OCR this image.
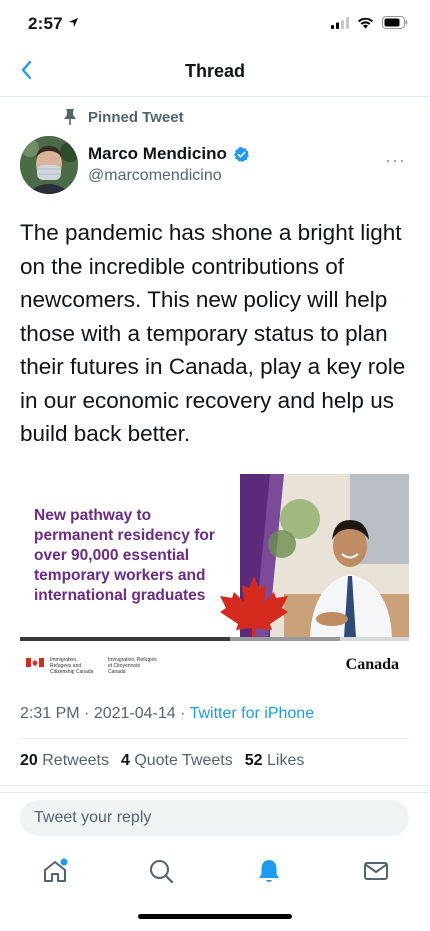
2:57
Thread
Pinned Tweet
Marco Mendicino
@marcomendicino
···
The pandemic has shone a bright light on the incredible contributions of newcomers. This new policy will help those with a temporary status to plan their futures in Canada, play a key role in our economic recovery and help us build back better.
New pathway to permanent residency for over 90,000 essential temporary workers and international graduates
Immigration, Refugees and Citizenship Canada
Immigration, Réfugiés et Citoyenneté Canada	Canada
2:31 PM · 2021-04-14 · Twitter for iPhone
20 Retweets 4 Quote Tweets 52 Likes
Tweet your reply
